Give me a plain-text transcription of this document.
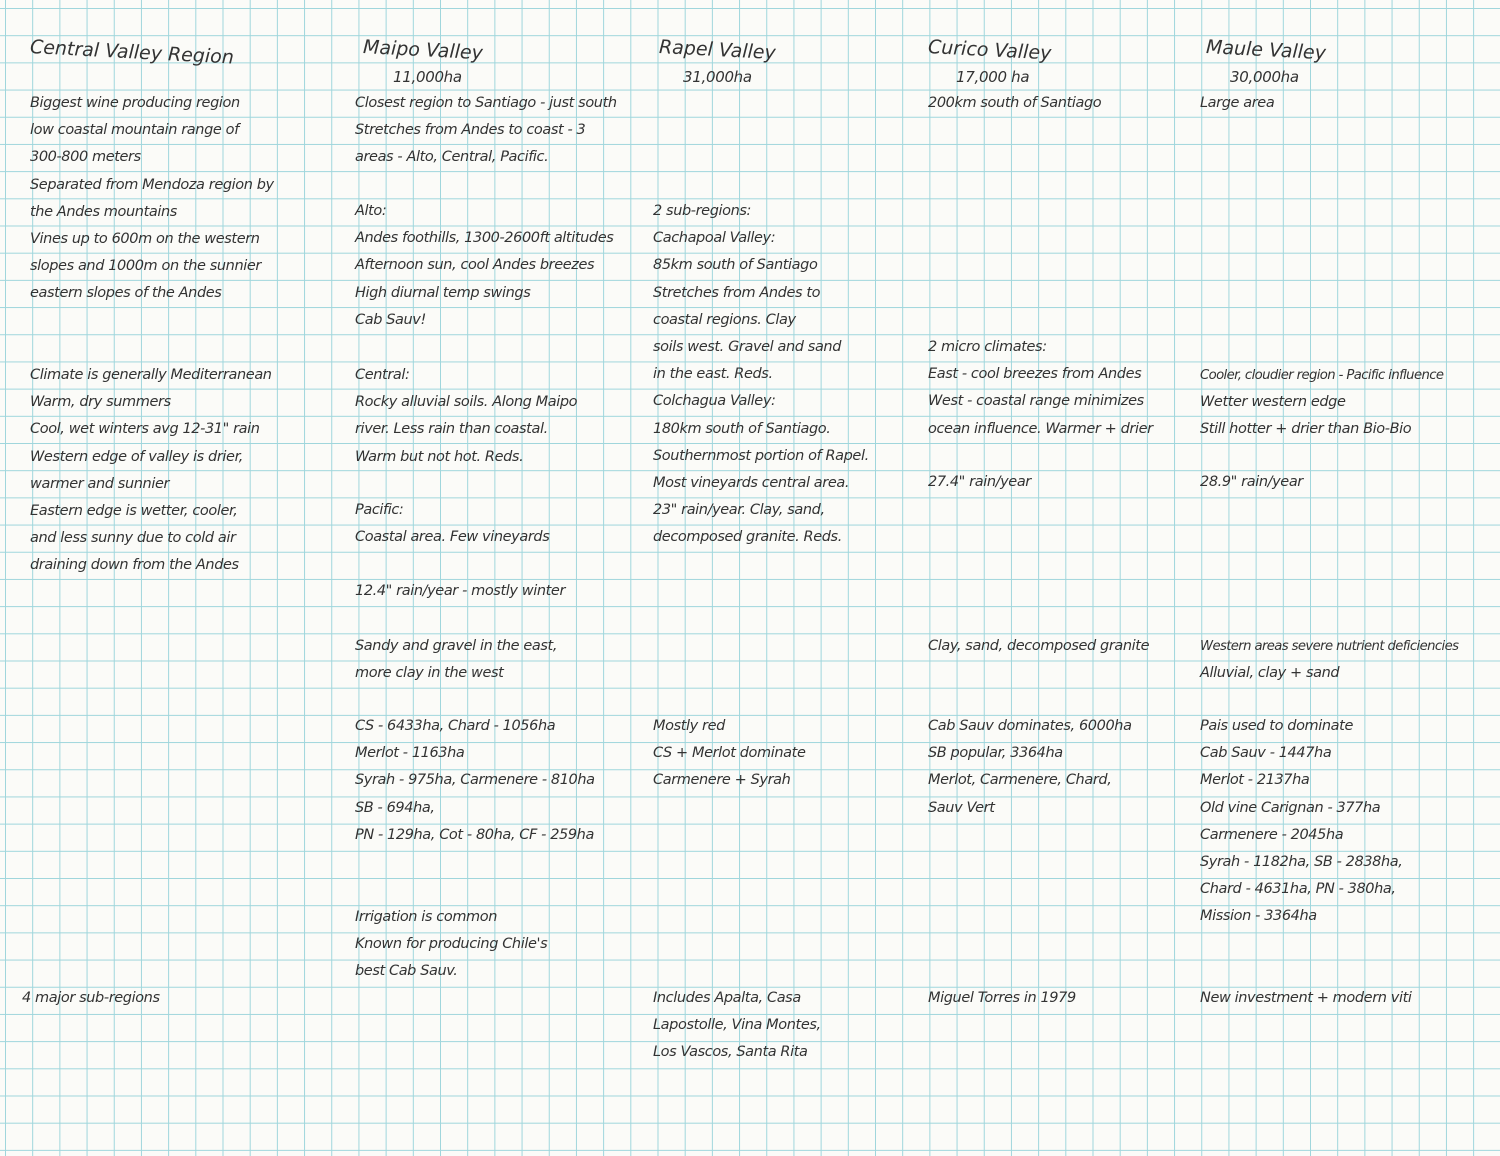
Central Valley Region
Biggest wine producing region
low coastal mountain range of
300-800 meters
Separated from Mendoza region by
the Andes mountains
Vines up to 600m on the western
slopes and 1000m on the sunnier
eastern slopes of the Andes
Climate is generally Mediterranean
Warm, dry summers
Cool, wet winters avg 12-31" rain
Western edge of valley is drier,
warmer and sunnier
Eastern edge is wetter, cooler,
and less sunny due to cold air
draining down from the Andes
4 major sub-regions
Maipo Valley
11,000ha
Closest region to Santiago - just south
Stretches from Andes to coast - 3
areas - Alto, Central, Pacific.
Alto:
Andes foothills, 1300-2600ft altitudes
Afternoon sun, cool Andes breezes
High diurnal temp swings
Cab Sauv!
Central:
Rocky alluvial soils. Along Maipo
river. Less rain than coastal.
Warm but not hot. Reds.
Pacific:
Coastal area. Few vineyards
12.4" rain/year - mostly winter
Sandy and gravel in the east,
more clay in the west
CS - 6433ha, Chard - 1056ha
Merlot - 1163ha
Syrah - 975ha, Carmenere - 810ha
SB - 694ha,
PN - 129ha, Cot - 80ha, CF - 259ha
Irrigation is common
Known for producing Chile's
best Cab Sauv.
Rapel Valley
31,000ha
2 sub-regions:
Cachapoal Valley:
85km south of Santiago
Stretches from Andes to
coastal regions. Clay
soils west. Gravel and sand
in the east. Reds.
Colchagua Valley:
180km south of Santiago.
Southernmost portion of Rapel.
Most vineyards central area.
23" rain/year. Clay, sand,
decomposed granite. Reds.
Mostly red
CS + Merlot dominate
Carmenere + Syrah
Includes Apalta, Casa
Lapostolle, Vina Montes,
Los Vascos, Santa Rita
Curico Valley
17,000 ha
200km south of Santiago
2 micro climates:
East - cool breezes from Andes
West - coastal range minimizes
ocean influence. Warmer + drier
27.4" rain/year
Clay, sand, decomposed granite
Cab Sauv dominates, 6000ha
SB popular, 3364ha
Merlot, Carmenere, Chard,
Sauv Vert
Miguel Torres in 1979
Maule Valley
30,000ha
Large area
Cooler, cloudier region - Pacific influence
Wetter western edge
Still hotter + drier than Bio-Bio
28.9" rain/year
Western areas severe nutrient deficiencies
Alluvial, clay + sand
Pais used to dominate
Cab Sauv - 1447ha
Merlot - 2137ha
Old vine Carignan - 377ha
Carmenere - 2045ha
Syrah - 1182ha, SB - 2838ha,
Chard - 4631ha, PN - 380ha,
Mission - 3364ha
New investment + modern viti
